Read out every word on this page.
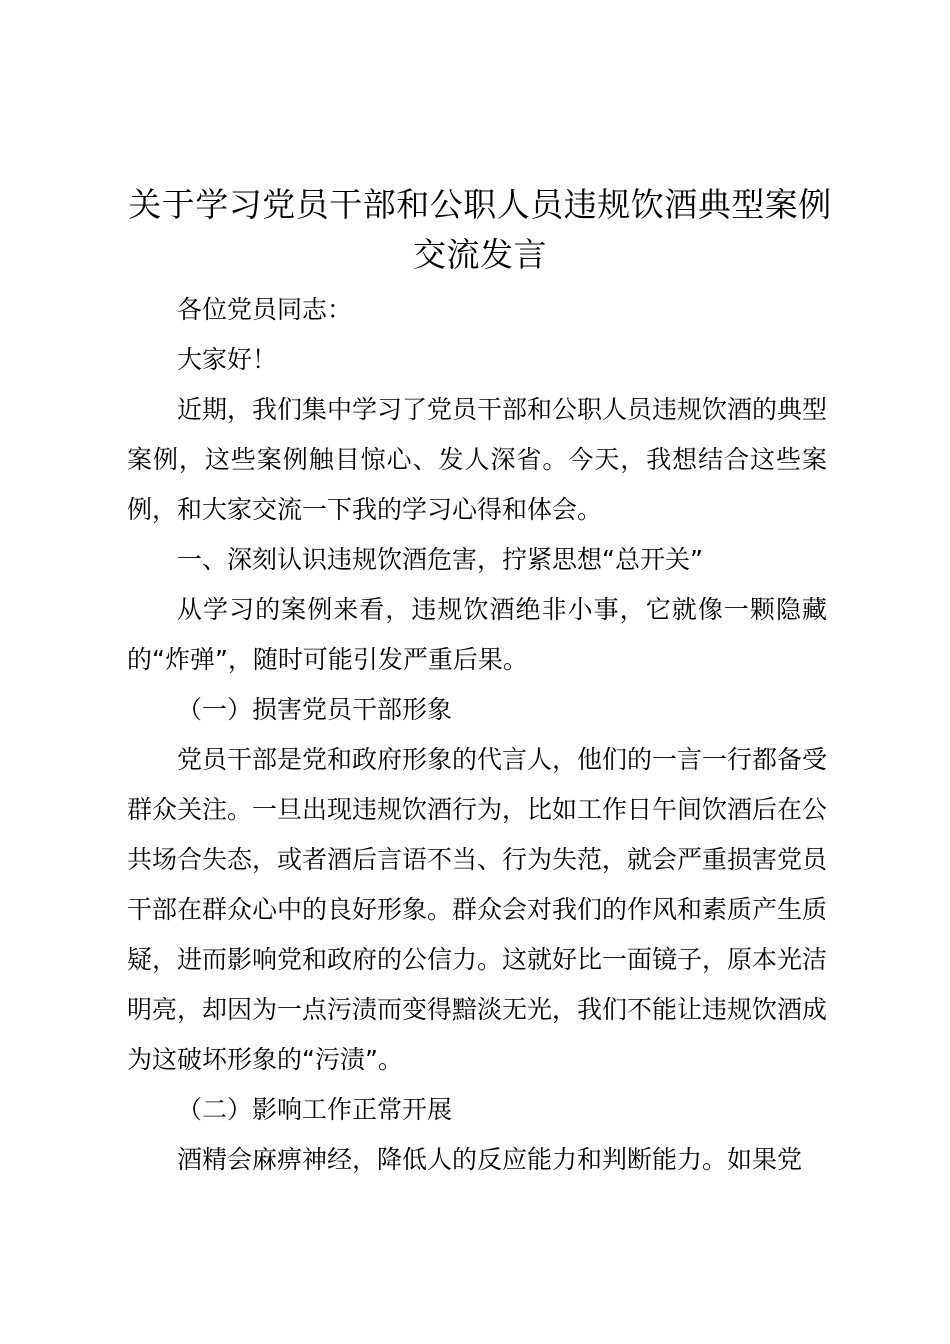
关于学习党员干部和公职人员违规饮酒典型案例交流发言

各位党员同志：

大家好！

近期，我们集中学习了党员干部和公职人员违规饮酒的典型案例，这些案例触目惊心、发人深省。今天，我想结合这些案例，和大家交流一下我的学习心得和体会。

一、深刻认识违规饮酒危害，拧紧思想“总开关”

从学习的案例来看，违规饮酒绝非小事，它就像一颗隐藏的“炸弹”，随时可能引发严重后果。

（一）损害党员干部形象

党员干部是党和政府形象的代言人，他们的一言一行都备受群众关注。一旦出现违规饮酒行为，比如工作日午间饮酒后在公共场合失态，或者酒后言语不当、行为失范，就会严重损害党员干部在群众心中的良好形象。群众会对我们的作风和素质产生质疑，进而影响党和政府的公信力。这就好比一面镜子，原本光洁明亮，却因为一点污渍而变得黯淡无光，我们不能让违规饮酒成为这破坏形象的“污渍”。

（二）影响工作正常开展

酒精会麻痹神经，降低人的反应能力和判断能力。如果党
